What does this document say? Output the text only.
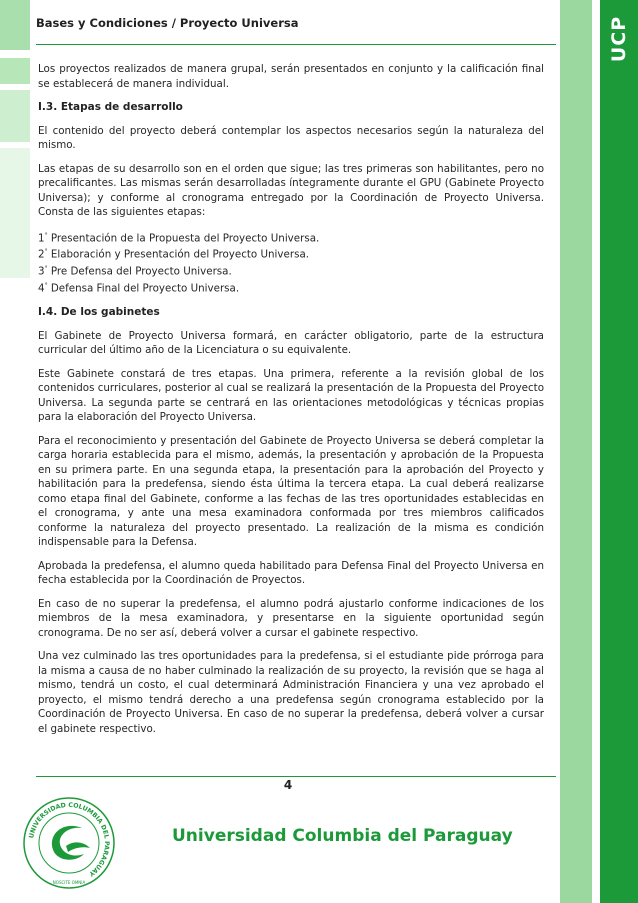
UCP
Bases y Condiciones / Proyecto Universa

Los proyectos realizados de manera grupal, serán presentados en conjunto y la calificación final se establecerá de manera individual.

I.3. Etapas de desarrollo

El contenido del proyecto deberá contemplar los aspectos necesarios según la naturaleza del mismo.

Las etapas de su desarrollo son en el orden que sigue; las tres primeras son habilitantes, pero no precalificantes. Las mismas serán desarrolladas íntegramente durante el GPU (Gabinete Proyecto Universa); y conforme al cronograma entregado por la Coordinación de Proyecto Universa. Consta de las siguientes etapas:

1° Presentación de la Propuesta del Proyecto Universa.
2° Elaboración y Presentación del Proyecto Universa.
3° Pre Defensa del Proyecto Universa.
4° Defensa Final del Proyecto Universa.
I.4. De los gabinetes

El Gabinete de Proyecto Universa formará, en carácter obligatorio, parte de la estructura curricular del último año de la Licenciatura o su equivalente.

Este Gabinete constará de tres etapas. Una primera, referente a la revisión global de los contenidos curriculares, posterior al cual se realizará la presentación de la Propuesta del Proyecto Universa. La segunda parte se centrará en las orientaciones metodológicas y técnicas propias para la elaboración del Proyecto Universa.

Para el reconocimiento y presentación del Gabinete de Proyecto Universa se deberá completar la carga horaria establecida para el mismo, además, la presentación y aprobación de la Propuesta en su primera parte. En una segunda etapa, la presentación para la aprobación del Proyecto y habilitación para la predefensa, siendo ésta última la tercera etapa. La cual deberá realizarse como etapa final del Gabinete, conforme a las fechas de las tres oportunidades establecidas en el cronograma, y ante una mesa examinadora conformada por tres miembros calificados conforme la naturaleza del proyecto presentado. La realización de la misma es condición indispensable para la Defensa.

Aprobada la predefensa, el alumno queda habilitado para Defensa Final del Proyecto Universa en fecha establecida por la Coordinación de Proyectos.

En caso de no superar la predefensa, el alumno podrá ajustarlo conforme indicaciones de los miembros de la mesa examinadora, y presentarse en la siguiente oportunidad según cronograma. De no ser así, deberá volver a cursar el gabinete respectivo.

Una vez culminado las tres oportunidades para la predefensa, si el estudiante pide prórroga para la misma a causa de no haber culminado la realización de su proyecto, la revisión que se haga al mismo, tendrá un costo, el cual determinará Administración Financiera y una vez aprobado el proyecto, el mismo tendrá derecho a una predefensa según cronograma establecido por la Coordinación de Proyecto Universa. En caso de no superar la predefensa, deberá volver a cursar el gabinete respectivo.

4
UNIVERSIDAD COLUMBIA DEL PARAGUAY
NOSCITE OMNIA
Universidad Columbia del Paraguay
